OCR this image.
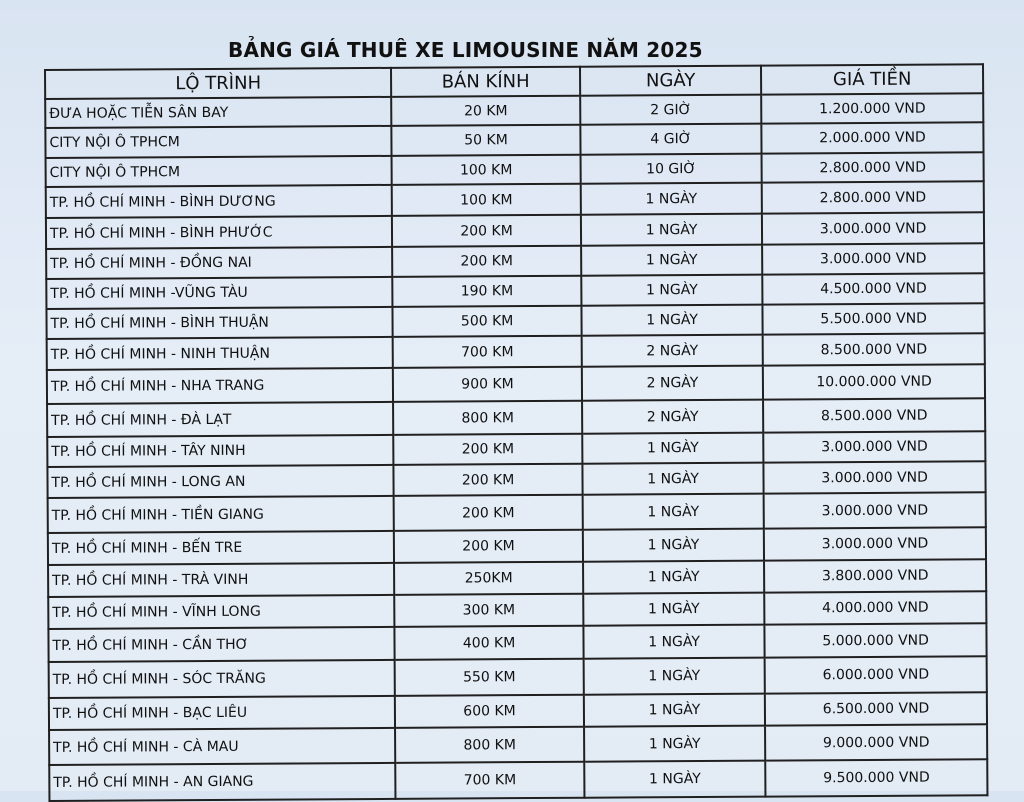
BẢNG GIÁ THUÊ XE LIMOUSINE NĂM 2025
LỘ TRÌNH	BÁN KÍNH	NGÀY	GIÁ TIỀN
ĐƯA HOẶC TIỄN SÂN BAY	20 KM	2 GIỜ	1.200.000 VND
CITY NỘI Ô TPHCM	50 KM	4 GIỜ	2.000.000 VND
CITY NỘI Ô TPHCM	100 KM	10 GIỜ	2.800.000 VND
TP. HỒ CHÍ MINH - BÌNH DƯƠNG	100 KM	1 NGÀY	2.800.000 VND
TP. HỒ CHÍ MINH - BÌNH PHƯỚC	200 KM	1 NGÀY	3.000.000 VND
TP. HỒ CHÍ MINH - ĐỒNG NAI	200 KM	1 NGÀY	3.000.000 VND
TP. HỒ CHÍ MINH -VŨNG TÀU	190 KM	1 NGÀY	4.500.000 VND
TP. HỒ CHÍ MINH - BÌNH THUẬN	500 KM	1 NGÀY	5.500.000 VND
TP. HỒ CHÍ MINH - NINH THUẬN	700 KM	2 NGÀY	8.500.000 VND
TP. HỒ CHÍ MINH - NHA TRANG	900 KM	2 NGÀY	10.000.000 VND
TP. HỒ CHÍ MINH - ĐÀ LẠT	800 KM	2 NGÀY	8.500.000 VND
TP. HỒ CHÍ MINH - TÂY NINH	200 KM	1 NGÀY	3.000.000 VND
TP. HỒ CHÍ MINH - LONG AN	200 KM	1 NGÀY	3.000.000 VND
TP. HỒ CHÍ MINH - TIỀN GIANG	200 KM	1 NGÀY	3.000.000 VND
TP. HỒ CHÍ MINH - BẾN TRE	200 KM	1 NGÀY	3.000.000 VND
TP. HỒ CHÍ MINH - TRÀ VINH	250KM	1 NGÀY	3.800.000 VND
TP. HỒ CHÍ MINH - VĨNH LONG	300 KM	1 NGÀY	4.000.000 VND
TP. HỒ CHÍ MINH - CẦN THƠ	400 KM	1 NGÀY	5.000.000 VND
TP. HỒ CHÍ MINH - SÓC TRĂNG	550 KM	1 NGÀY	6.000.000 VND
TP. HỒ CHÍ MINH - BẠC LIÊU	600 KM	1 NGÀY	6.500.000 VND
TP. HỒ CHÍ MINH - CÀ MAU	800 KM	1 NGÀY	9.000.000 VND
TP. HỒ CHÍ MINH - AN GIANG	700 KM	1 NGÀY	9.500.000 VND
